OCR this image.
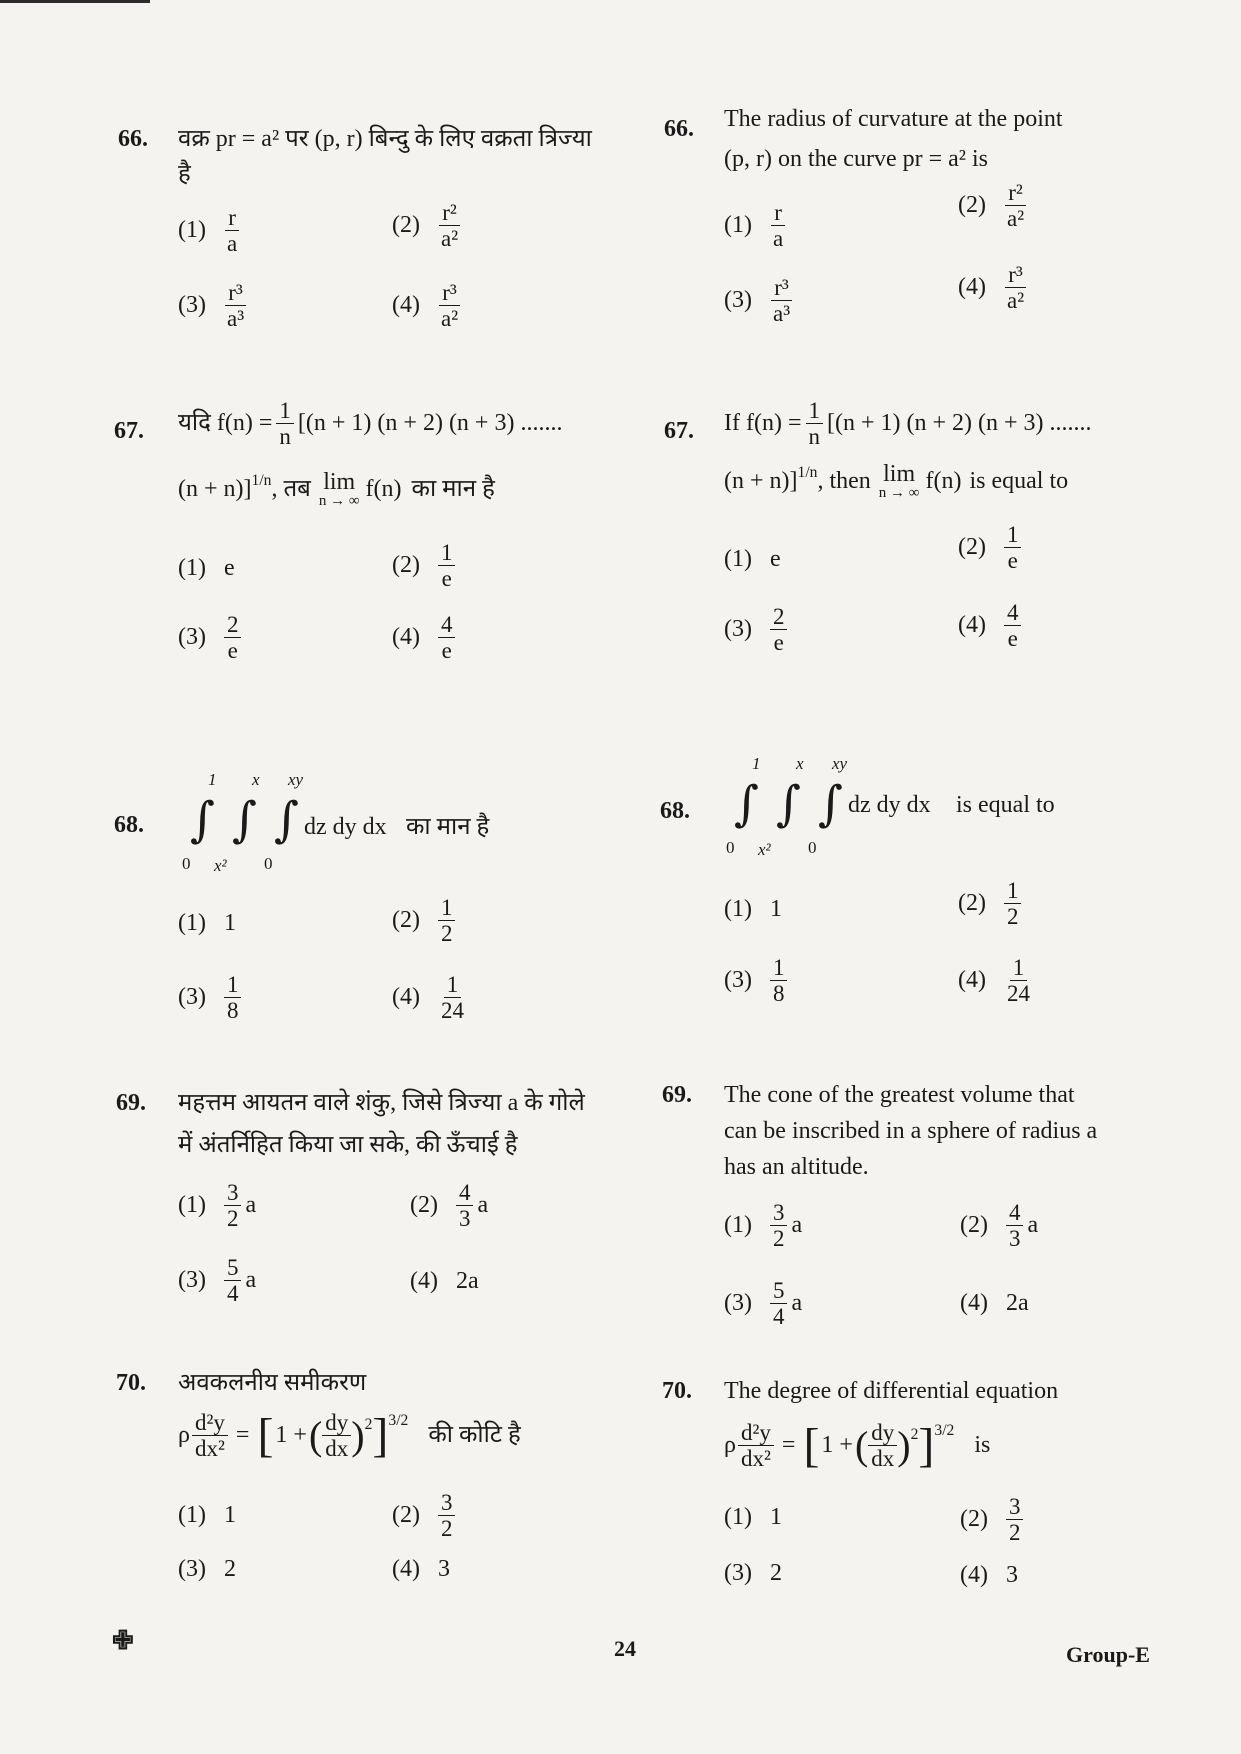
66. वक्र pr = a² पर (p, r) बिन्दु के लिए वक्रता त्रिज्या है
$(1) \frac{r}{a}$	$(2) \frac{\text{r²}}{\text{a²}}$
$(3) \frac{\text{r³}}{\text{a³}}$	$(4) \frac{\text{r³}}{\text{a²}}$
67. यदि $f(n) = \frac{1}{n} [(n + 1) (n + 2) (n + 3)$ .......
(n + n)]$^{1/n}$ , तब lim
n → ∞ f(n) का मान है
(1) e	$(2) \frac{1}{e}$
$(3) \frac{2}{e}$	$(4) \frac{4}{e}$
68.
1 x xy
∫ ∫ ∫
0 x² 0
dz dy dx का मान है
(1) 1	$(2) \frac{1}{2}$
$(3) \frac{1}{8}$	$(4) \frac{1}{24}$
69. महत्तम आयतन वाले शंकु, जिसे त्रिज्या a के गोले
में अंतर्निहित किया जा सके, की ऊँचाई है
$(1) \frac{3}{2}$ a	$(2) \frac{4}{3}$ a
$(3) \frac{5}{4}$ a	(4) 2a
70. अवकलनीय समीकरण
ρ $\frac{\text{d²y}}{\text{dx²}}$ = [ 1 + ( $\frac{dy}{dx} )^2$ ]$^{3/2}$
की कोटि है
(1) 1	$(2) \frac{3}{2}$
(3) 2	(4) 3
66. The radius of curvature at the point
(p, r) on the curve pr = a² is
$(1) \frac{r}{a}$	$(2) \frac{\text{r²}}{\text{a²}}$
$(3) \frac{\text{r³}}{\text{a³}}$	$(4) \frac{\text{r³}}{\text{a²}}$
67. If $f(n) = \frac{1}{n} [(n + 1) (n + 2) (n + 3)$ .......
(n + n)]$^{1/n}$ , then lim
n → ∞ f(n) is equal to
(1) e	$(2) \frac{1}{e}$
$(3) \frac{2}{e}$	$(4) \frac{4}{e}$
68.
1 x xy
∫ ∫ ∫
0 x² 0
dz dy dx is equal to
(1) 1	$(2) \frac{1}{2}$
$(3) \frac{1}{8}$	$(4) \frac{1}{24}$
69. The cone of the greatest volume that
can be inscribed in a sphere of radius a
has an altitude.
$(1) \frac{3}{2}$ a	$(2) \frac{4}{3}$ a
$(3) \frac{5}{4}$ a	(4) 2a
70. The degree of differential equation
ρ $\frac{\text{d²y}}{\text{dx²}}$ = [ 1 + ( $\frac{dy}{dx} )^2$ ]$^{3/2}$
is
(1) 1	$(2) \frac{3}{2}$
(3) 2	(4) 3
✙	24	Group-E
